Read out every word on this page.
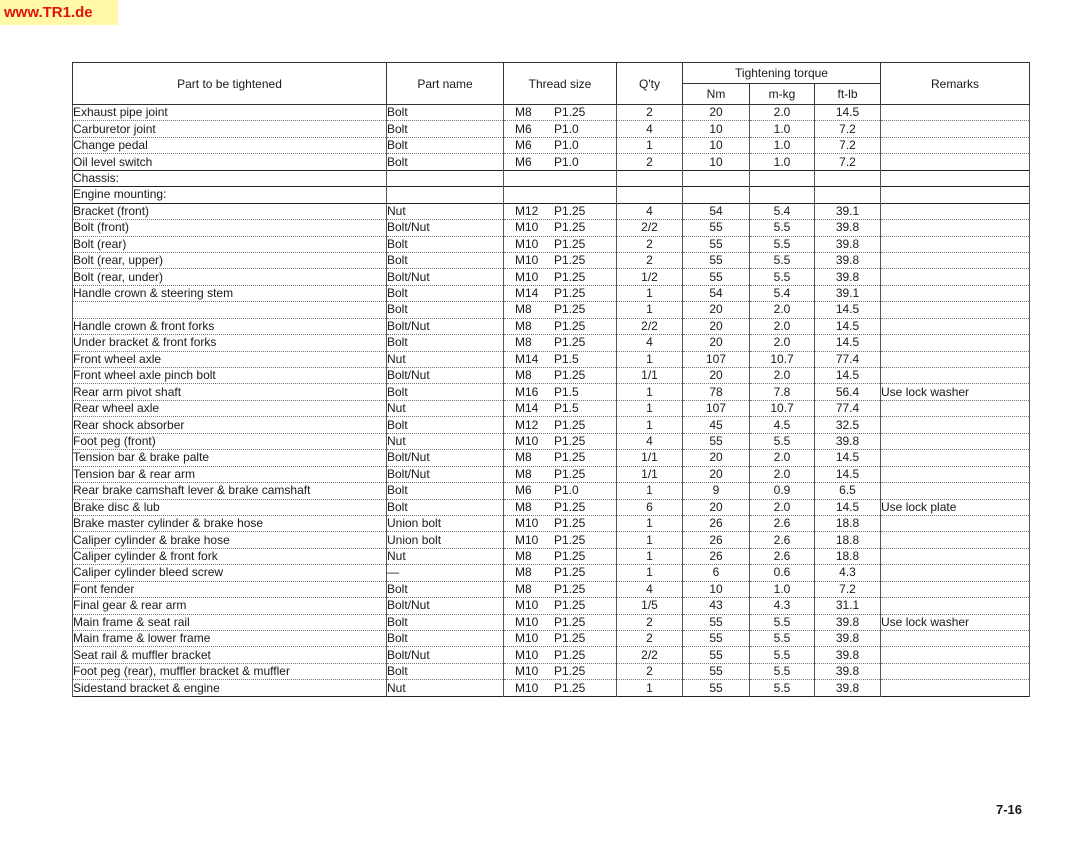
www.TR1.de
Part to be tightened	Part name	Thread size	Q'ty	Tightening torque			Remarks
				Nm	m-kg	ft-lb	
Exhaust pipe joint	Bolt	M8 P1.25	2	20	2.0	14.5	
Carburetor joint	Bolt	M6 P1.0	4	10	1.0	7.2	
Change pedal	Bolt	M6 P1.0	1	10	1.0	7.2	
Oil level switch	Bolt	M6 P1.0	2	10	1.0	7.2	
Chassis:							
Engine mounting:							
Bracket (front)	Nut	M12 P1.25	4	54	5.4	39.1	
Bolt (front)	Bolt/Nut	M10 P1.25	2/2	55	5.5	39.8	
Bolt (rear)	Bolt	M10 P1.25	2	55	5.5	39.8	
Bolt (rear, upper)	Bolt	M10 P1.25	2	55	5.5	39.8	
Bolt (rear, under)	Bolt/Nut	M10 P1.25	1/2	55	5.5	39.8	
Handle crown & steering stem	Bolt	M14 P1.25	1	54	5.4	39.1	
	Bolt	M8 P1.25	1	20	2.0	14.5	
Handle crown & front forks	Bolt/Nut	M8 P1.25	2/2	20	2.0	14.5	
Under bracket & front forks	Bolt	M8 P1.25	4	20	2.0	14.5	
Front wheel axle	Nut	M14 P1.5	1	107	10.7	77.4	
Front wheel axle pinch bolt	Bolt/Nut	M8 P1.25	1/1	20	2.0	14.5	
Rear arm pivot shaft	Bolt	M16 P1.5	1	78	7.8	56.4	Use lock washer
Rear wheel axle	Nut	M14 P1.5	1	107	10.7	77.4	
Rear shock absorber	Bolt	M12 P1.25	1	45	4.5	32.5	
Foot peg (front)	Nut	M10 P1.25	4	55	5.5	39.8	
Tension bar & brake palte	Bolt/Nut	M8 P1.25	1/1	20	2.0	14.5	
Tension bar & rear arm	Bolt/Nut	M8 P1.25	1/1	20	2.0	14.5	
Rear brake camshaft lever & brake camshaft	Bolt	M6 P1.0	1	9	0.9	6.5	
Brake disc & lub	Bolt	M8 P1.25	6	20	2.0	14.5	Use lock plate
Brake master cylinder & brake hose	Union bolt	M10 P1.25	1	26	2.6	18.8	
Caliper cylinder & brake hose	Union bolt	M10 P1.25	1	26	2.6	18.8	
Caliper cylinder & front fork	Nut	M8 P1.25	1	26	2.6	18.8	
Caliper cylinder bleed screw	—	M8 P1.25	1	6	0.6	4.3	
Font fender	Bolt	M8 P1.25	4	10	1.0	7.2	
Final gear & rear arm	Bolt/Nut	M10 P1.25	1/5	43	4.3	31.1	
Main frame & seat rail	Bolt	M10 P1.25	2	55	5.5	39.8	Use lock washer
Main frame & lower frame	Bolt	M10 P1.25	2	55	5.5	39.8	
Seat rail & muffler bracket	Bolt/Nut	M10 P1.25	2/2	55	5.5	39.8	
Foot peg (rear), muffler bracket & muffler	Bolt	M10 P1.25	2	55	5.5	39.8	
Sidestand bracket & engine	Nut	M10 P1.25	1	55	5.5	39.8	
7-16
